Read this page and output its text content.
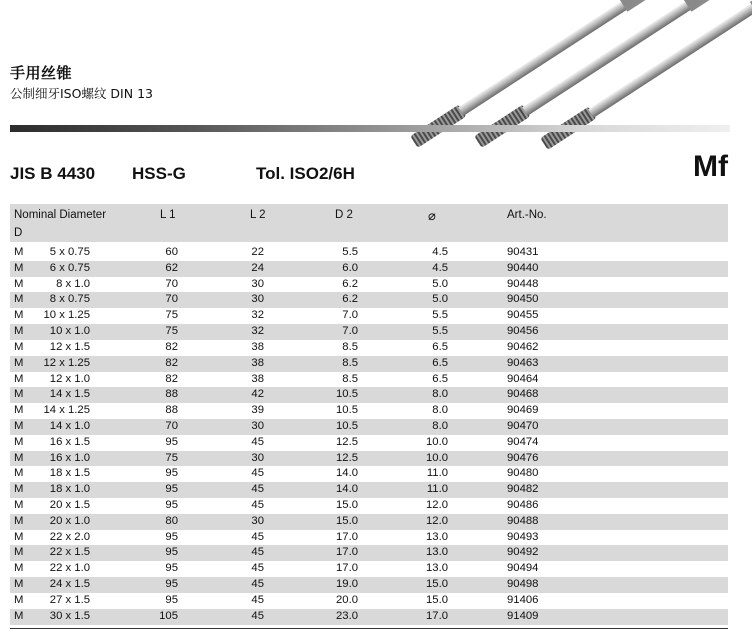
手用丝锥
公制细牙ISO螺纹 DIN 13
JIS B 4430 HSS-G	Tol. ISO2/6H	Mf
Nominal Diameter
D
L 1	L 2	D 2	⌀	Art.-No.
M	5 x 0.75	60	22	5.5	4.5	90431
M	6 x 0.75	62	24	6.0	4.5	90440
M	8 x 1.0	70	30	6.2	5.0	90448
M	8 x 0.75	70	30	6.2	5.0	90450
M	10 x 1.25	75	32	7.0	5.5	90455
M	10 x 1.0	75	32	7.0	5.5	90456
M	12 x 1.5	82	38	8.5	6.5	90462
M	12 x 1.25	82	38	8.5	6.5	90463
M	12 x 1.0	82	38	8.5	6.5	90464
M	14 x 1.5	88	42	10.5	8.0	90468
M	14 x 1.25	88	39	10.5	8.0	90469
M	14 x 1.0	70	30	10.5	8.0	90470
M	16 x 1.5	95	45	12.5	10.0	90474
M	16 x 1.0	75	30	12.5	10.0	90476
M	18 x 1.5	95	45	14.0	11.0	90480
M	18 x 1.0	95	45	14.0	11.0	90482
M	20 x 1.5	95	45	15.0	12.0	90486
M	20 x 1.0	80	30	15.0	12.0	90488
M	22 x 2.0	95	45	17.0	13.0	90493
M	22 x 1.5	95	45	17.0	13.0	90492
M	22 x 1.0	95	45	17.0	13.0	90494
M	24 x 1.5	95	45	19.0	15.0	90498
M	27 x 1.5	95	45	20.0	15.0	91406
M	30 x 1.5	105	45	23.0	17.0	91409
